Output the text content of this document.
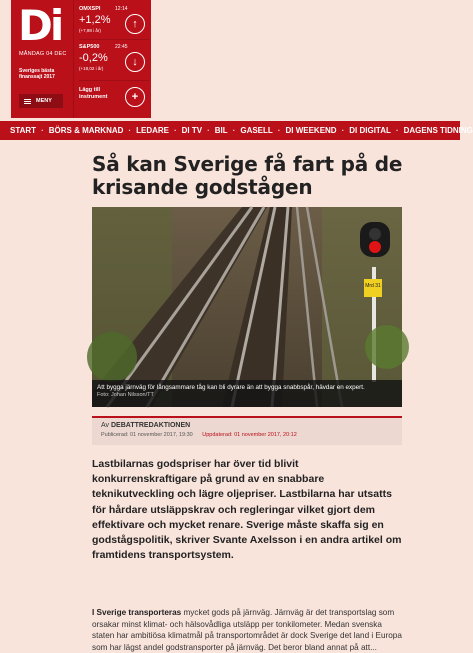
Di
MÅNDAG 04 DEC
Sveriges bästa finanssajt 2017
MENY
OMXSPI	12:14
+1,2%
(+7,98 i år)
↑
S&P500	22:45
-0,2%
(+18,02 i år)
↓
Lägg till instrument	+
START · BÖRS & MARKNAD · LEDARE · DI TV · BIL · GASELL · DI WEEKEND · DI DIGITAL · DAGENS TIDNING
Så kan Sverige få fart på de krisande godstågen
Mrd 31
Att bygga järnväg för långsammare tåg kan bli dyrare än att bygga snabbspår, hävdar en expert.
Foto: Johan Nilsson/TT
Av DEBATTREDAKTIONEN
Publicerad: 01 november 2017, 19:30 Uppdaterad: 01 november 2017, 20:12

Lastbilarnas godspriser har över tid blivit konkurrenskraftigare på grund av en snabbare teknikutveckling och lägre oljepriser. Lastbilarna har utsatts för hårdare utsläppskrav och regleringar vilket gjort dem effektivare och mycket renare. Sverige måste skaffa sig en godstågspolitik, skriver Svante Axelsson i en andra artikel om framtidens transportsystem.

I Sverige transporteras mycket gods på järnväg. Järnväg är det transportslag som orsakar minst klimat- och hälsovådliga utsläpp per tonkilometer. Medan svenska staten har ambitiösa klimatmål på transportområdet är dock Sverige det land i Europa som har lägst andel godstransporter på järnväg. Det beror bland annat på att...
